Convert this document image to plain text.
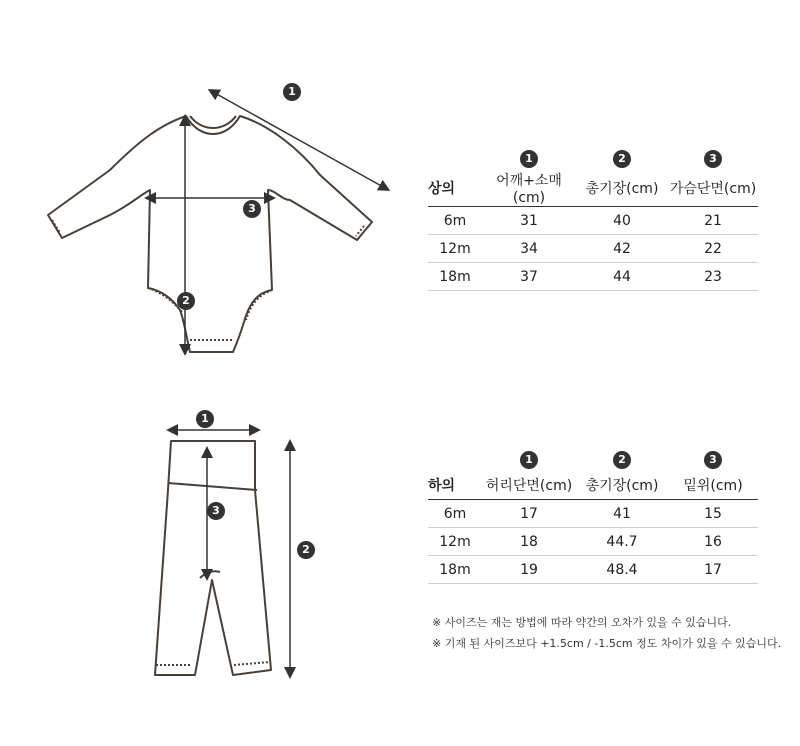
1
3
2
1
3
2

	1	2	3

상의	어깨+소매(cm)	총기장(cm)	가슴단면(cm)
6m	31	40	21
12m	34	42	22
18m	37	44	23

	1	2	3

하의	허리단면(cm)	총기장(cm)	밑위(cm)
6m	17	41	15
12m	18	44.7	16
18m	19	48.4	17
※ 사이즈는 재는 방법에 따라 약간의 오차가 있을 수 있습니다.
※ 기재 된 사이즈보다 +1.5cm / -1.5cm 정도 차이가 있을 수 있습니다.
